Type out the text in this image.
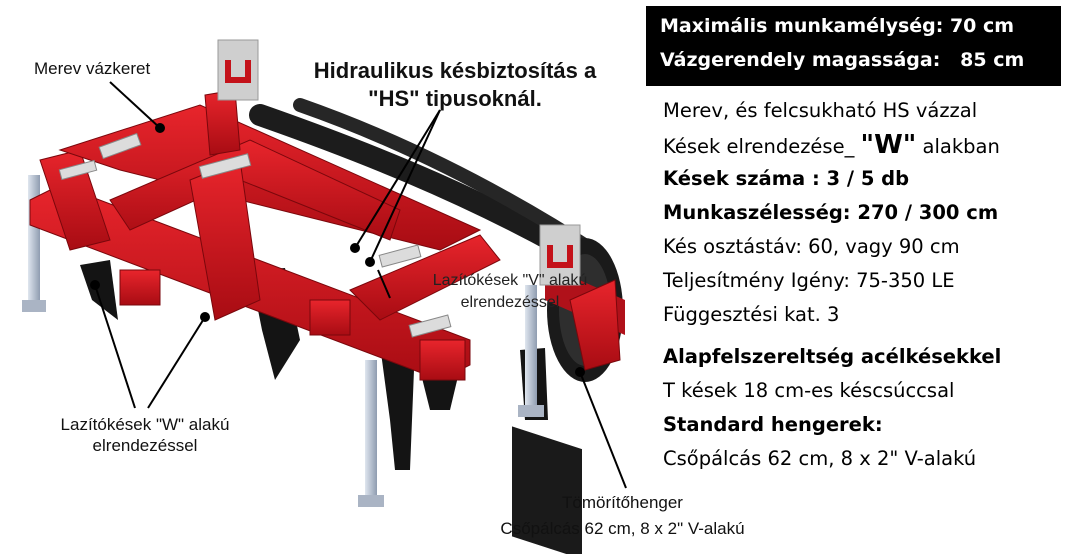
Merev vázkeret	Hidraulikus késbiztosítás a
"HS" tipusoknál.
Lazítókések "V" alakú
elrendezéssel
Lazítókések "W" alakú
elrendezéssel
Tömörítőhenger
Csőpálcás 62 cm, 8 x 2" V-alakú
Maximális munkamélység: 70 cm
Vázgerendely magassága:   85 cm
Merev, és felcsukható HS vázzal
Kések elrendezése_ "W" alakban
Kések száma : 3 / 5 db
Munkaszélesség: 270 / 300 cm
Kés osztástáv: 60, vagy 90 cm
Teljesítmény Igény: 75-350 LE
Függesztési kat. 3
Alapfelszereltség acélkésekkel
T kések 18 cm-es késcsúccsal
Standard hengerek:
Csőpálcás 62 cm, 8 x 2" V-alakú
